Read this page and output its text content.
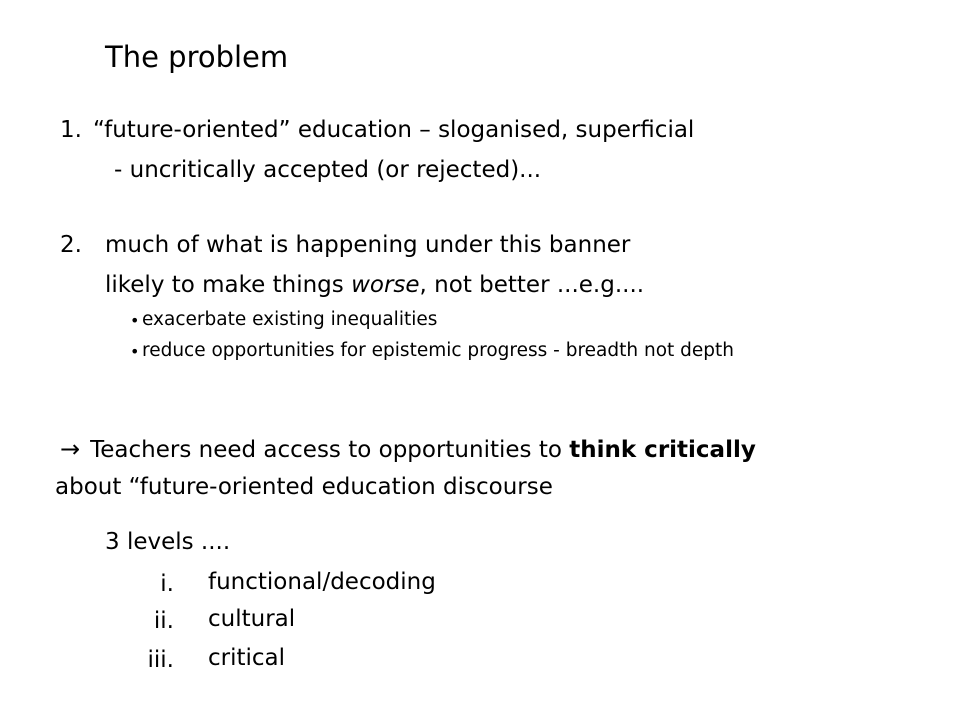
The problem
1. “future-oriented” education – sloganised, superficial
- uncritically accepted (or rejected)...
2. much of what is happening under this banner
likely to make things worse, not better ...e.g....
• exacerbate existing inequalities
• reduce opportunities for epistemic progress - breadth not depth
→ Teachers need access to opportunities to think critically
about “future-oriented education discourse
3 levels ....
i. functional/decoding
ii. cultural
iii. critical
